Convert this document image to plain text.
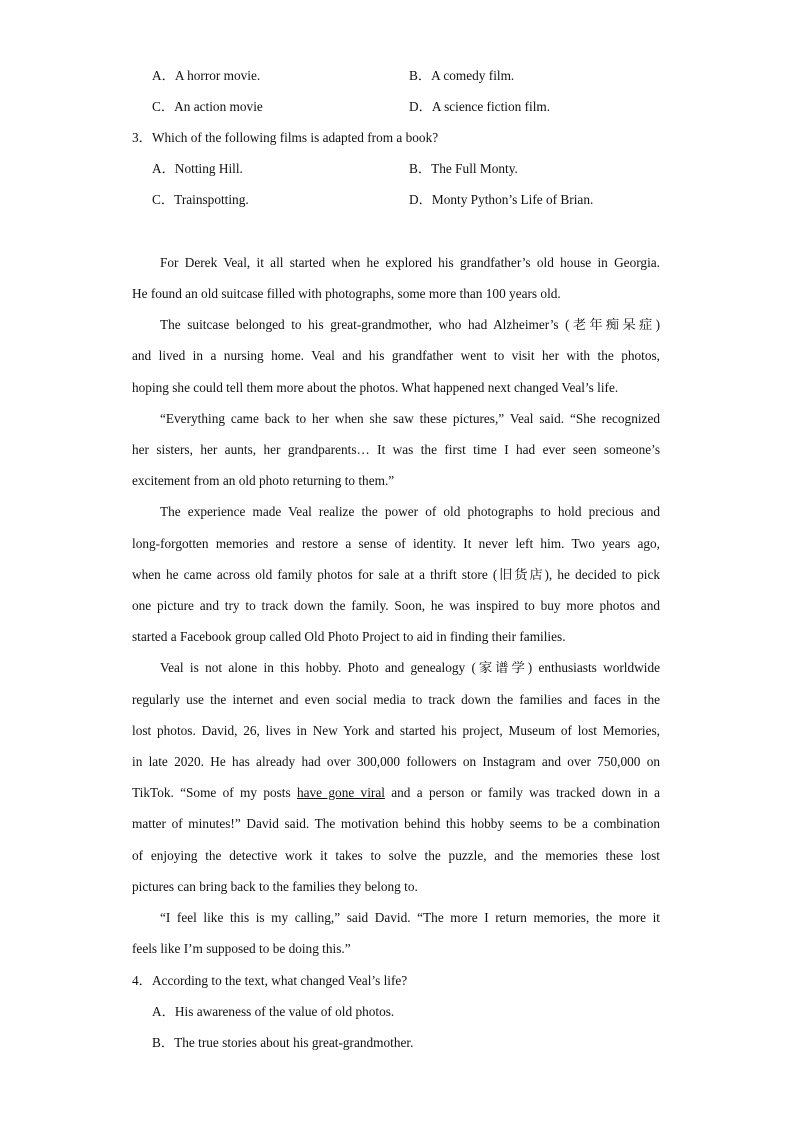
A．A horror movie.	B．A comedy film.
C．An action movie	D．A science fiction film.
3．Which of the following films is adapted from a book?
A．Notting Hill.	B．The Full Monty.
C．Trainspotting.	D．Monty Python’s Life of Brian.
For Derek Veal, it all started when he explored his grandfather’s old house in Georgia.
He found an old suitcase filled with photographs, some more than 100 years old.
The suitcase belonged to his great-grandmother, who had Alzheimer’s (老年痴呆症)
and lived in a nursing home. Veal and his grandfather went to visit her with the photos,
hoping she could tell them more about the photos. What happened next changed Veal’s life.
“Everything came back to her when she saw these pictures,” Veal said. “She recognized
her sisters, her aunts, her grandparents… It was the first time I had ever seen someone’s
excitement from an old photo returning to them.”
The experience made Veal realize the power of old photographs to hold precious and
long-forgotten memories and restore a sense of identity. It never left him. Two years ago,
when he came across old family photos for sale at a thrift store (旧货店), he decided to pick
one picture and try to track down the family. Soon, he was inspired to buy more photos and
started a Facebook group called Old Photo Project to aid in finding their families.
Veal is not alone in this hobby. Photo and genealogy (家谱学) enthusiasts worldwide
regularly use the internet and even social media to track down the families and faces in the
lost photos. David, 26, lives in New York and started his project, Museum of lost Memories,
in late 2020. He has already had over 300,000 followers on Instagram and over 750,000 on
TikTok. “Some of my posts have gone viral and a person or family was tracked down in a
matter of minutes!” David said. The motivation behind this hobby seems to be a combination
of enjoying the detective work it takes to solve the puzzle, and the memories these lost
pictures can bring back to the families they belong to.
“I feel like this is my calling,” said David. “The more I return memories, the more it
feels like I’m supposed to be doing this.”
4．According to the text, what changed Veal’s life?
A．His awareness of the value of old photos.
B．The true stories about his great-grandmother.
